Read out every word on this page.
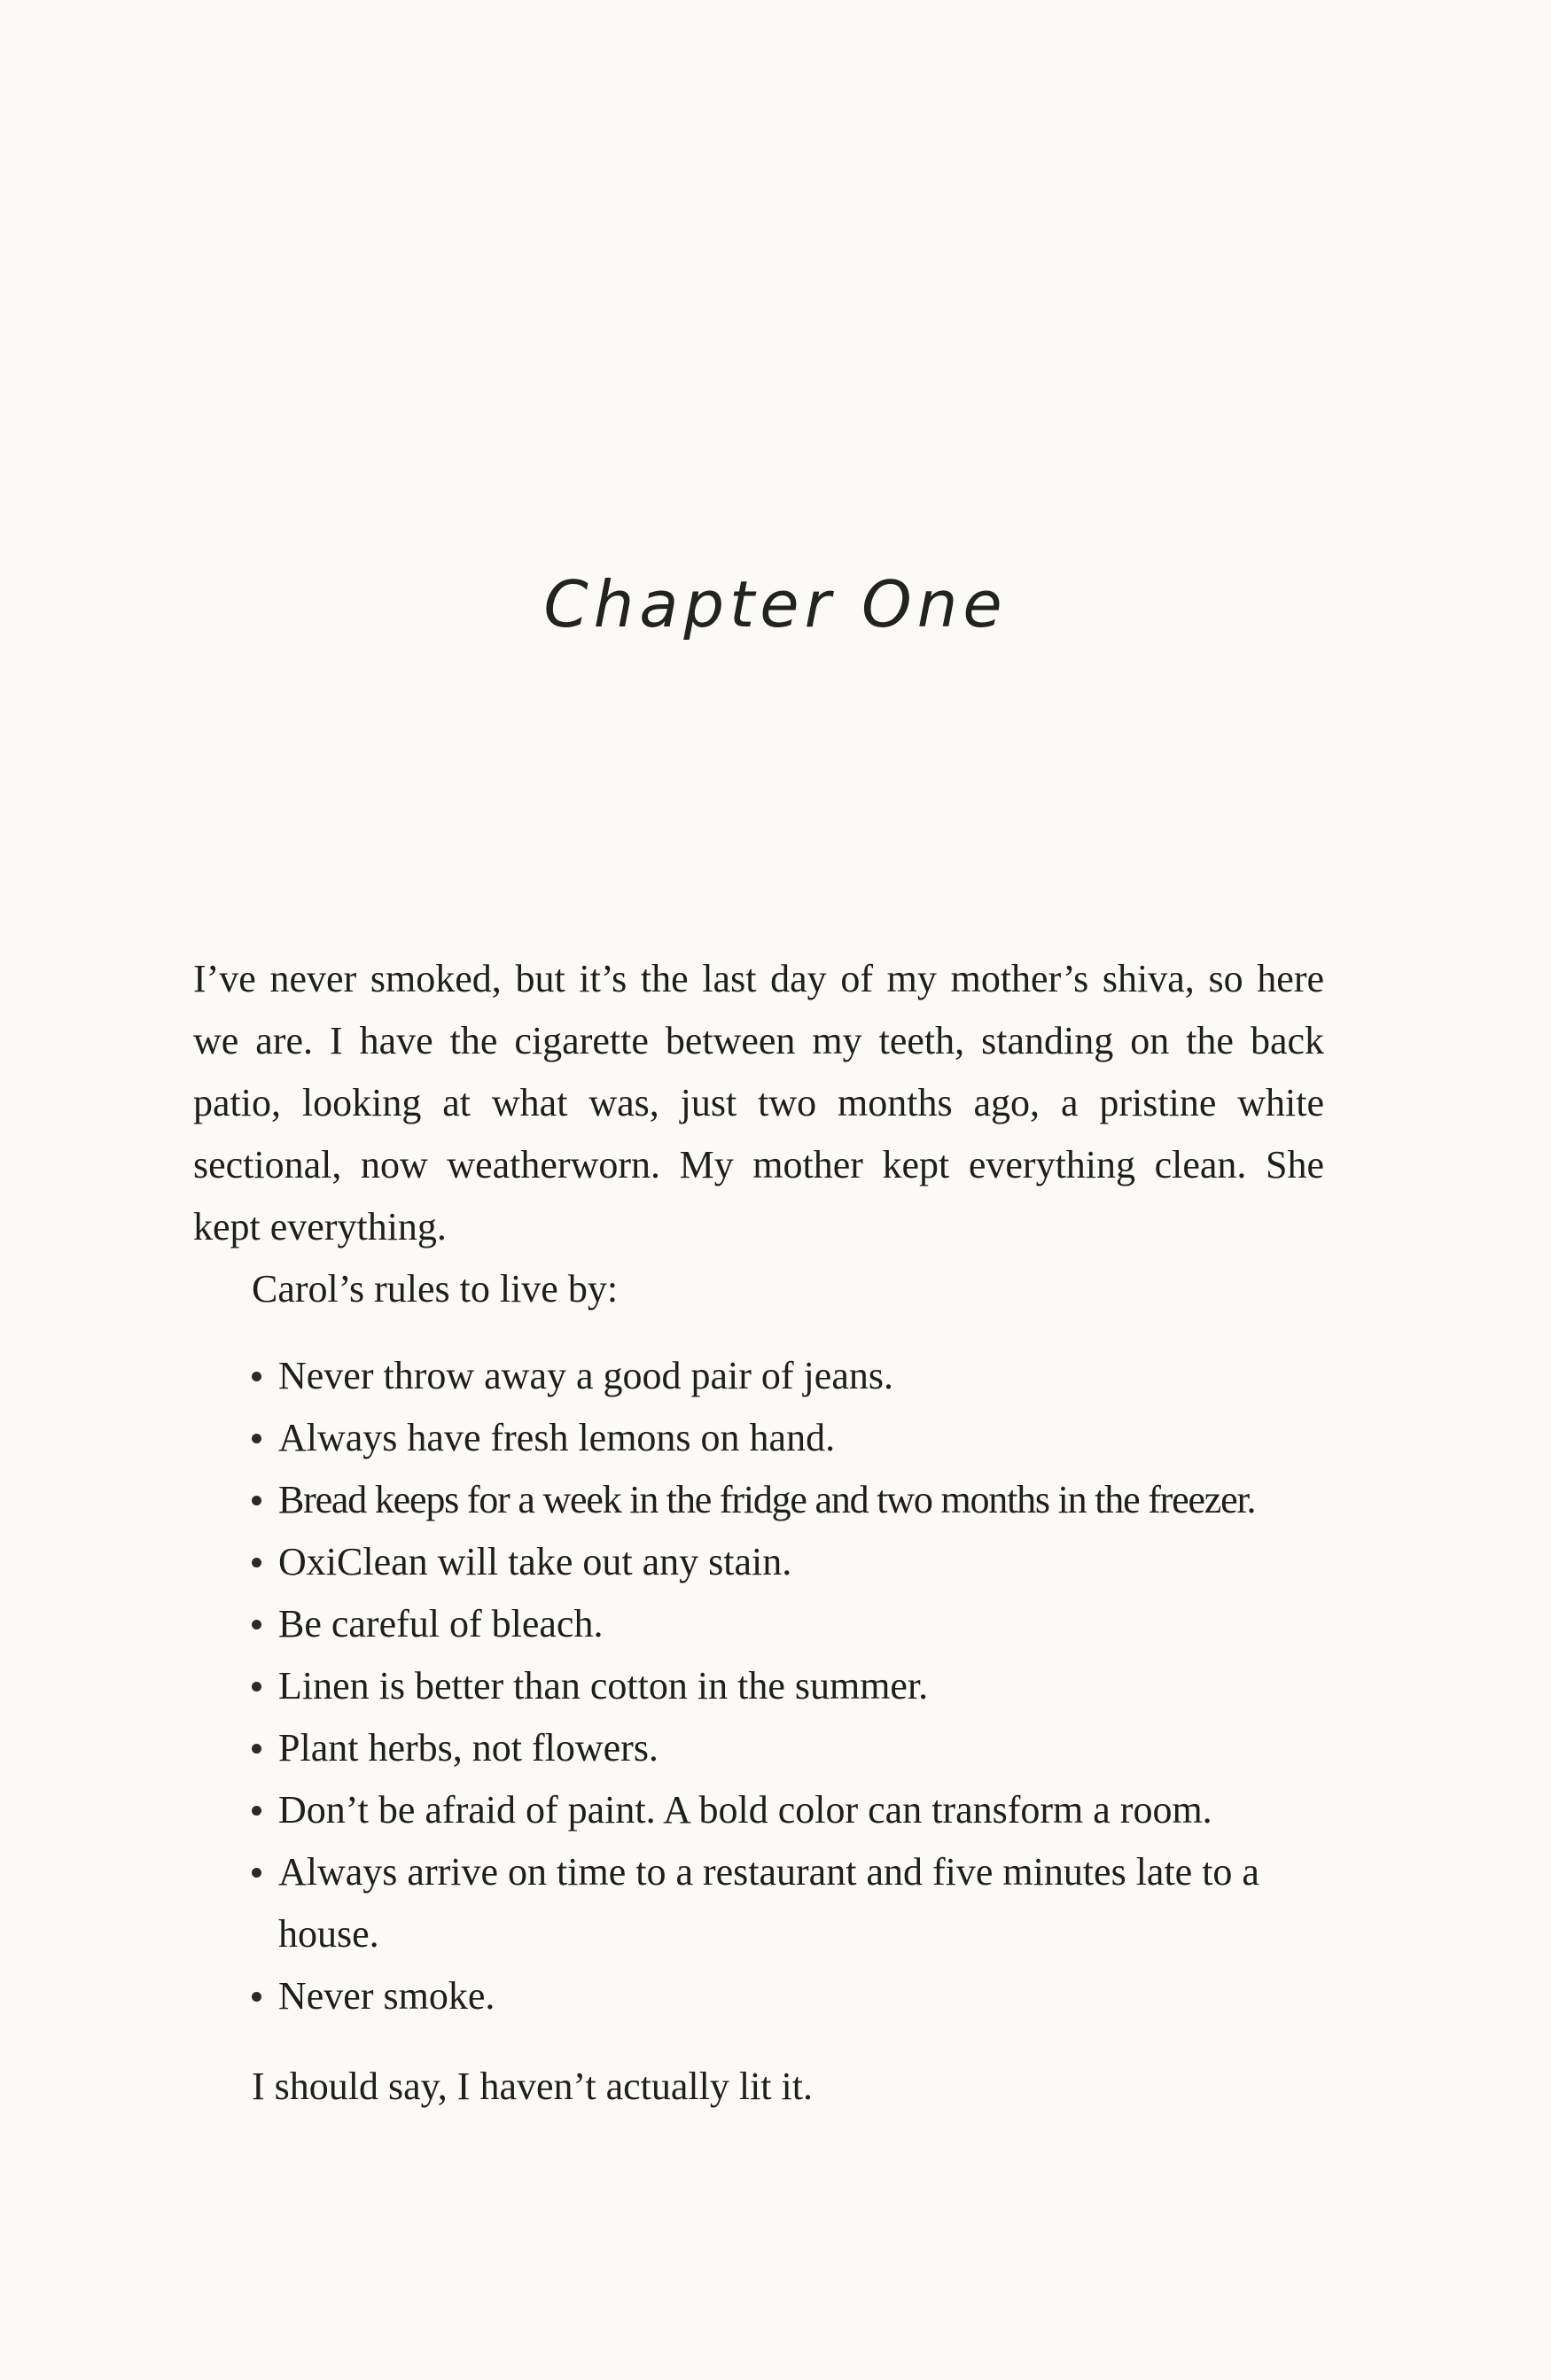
Chapter One

I’ve never smoked, but it’s the last day of my mother’s shiva, so here we are. I have the cigarette between my teeth, standing on the back patio, looking at what was, just two months ago, a pristine white sectional, now weatherworn. My mother kept everything clean. She kept everything.

Carol’s rules to live by:

Never throw away a good pair of jeans.
Always have fresh lemons on hand.
Bread keeps for a week in the fridge and two months in the freezer.
OxiClean will take out any stain.
Be careful of bleach.
Linen is better than cotton in the summer.
Plant herbs, not flowers.
Don’t be afraid of paint. A bold color can transform a room.
Always arrive on time to a restaurant and five minutes late to a house.
Never smoke.

I should say, I haven’t actually lit it.
